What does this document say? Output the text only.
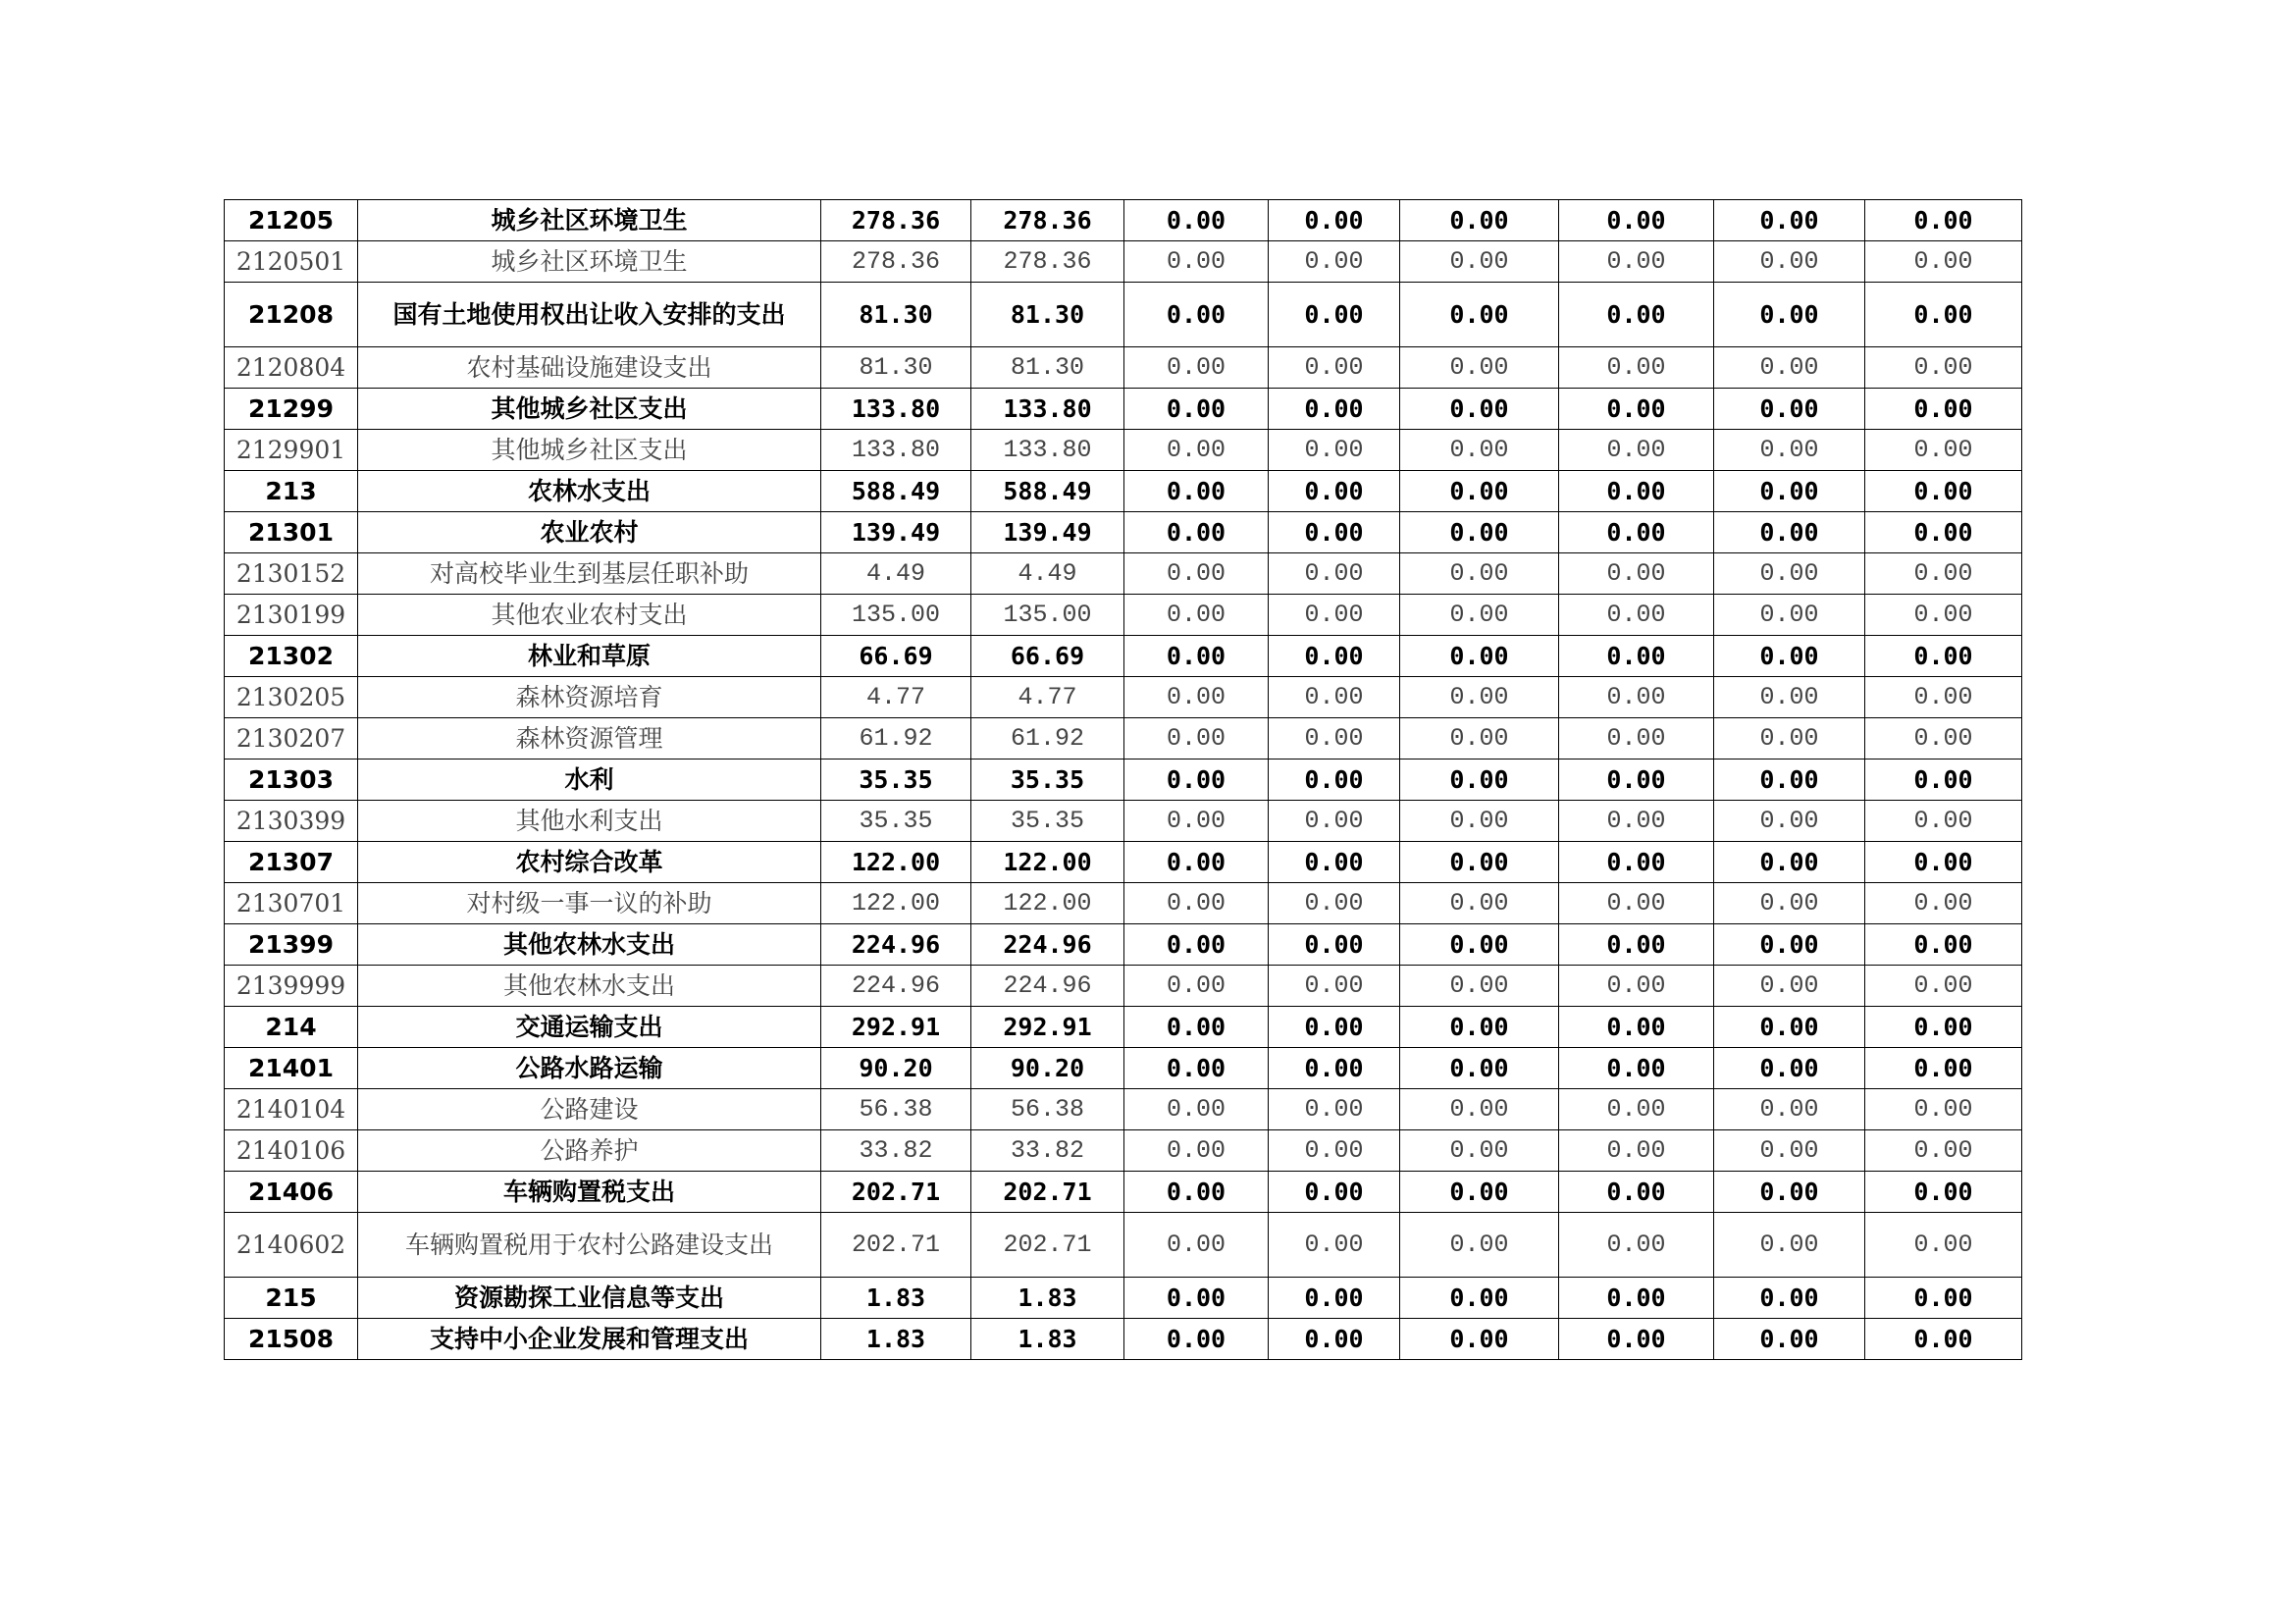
21205	城乡社区环境卫生	278.36	278.36	0.00	0.00	0.00	0.00	0.00	0.00
2120501	城乡社区环境卫生	278.36	278.36	0.00	0.00	0.00	0.00	0.00	0.00
21208	国有土地使用权出让收入安排的支出	81.30	81.30	0.00	0.00	0.00	0.00	0.00	0.00
2120804	农村基础设施建设支出	81.30	81.30	0.00	0.00	0.00	0.00	0.00	0.00
21299	其他城乡社区支出	133.80	133.80	0.00	0.00	0.00	0.00	0.00	0.00
2129901	其他城乡社区支出	133.80	133.80	0.00	0.00	0.00	0.00	0.00	0.00
213	农林水支出	588.49	588.49	0.00	0.00	0.00	0.00	0.00	0.00
21301	农业农村	139.49	139.49	0.00	0.00	0.00	0.00	0.00	0.00
2130152	对高校毕业生到基层任职补助	4.49	4.49	0.00	0.00	0.00	0.00	0.00	0.00
2130199	其他农业农村支出	135.00	135.00	0.00	0.00	0.00	0.00	0.00	0.00
21302	林业和草原	66.69	66.69	0.00	0.00	0.00	0.00	0.00	0.00
2130205	森林资源培育	4.77	4.77	0.00	0.00	0.00	0.00	0.00	0.00
2130207	森林资源管理	61.92	61.92	0.00	0.00	0.00	0.00	0.00	0.00
21303	水利	35.35	35.35	0.00	0.00	0.00	0.00	0.00	0.00
2130399	其他水利支出	35.35	35.35	0.00	0.00	0.00	0.00	0.00	0.00
21307	农村综合改革	122.00	122.00	0.00	0.00	0.00	0.00	0.00	0.00
2130701	对村级一事一议的补助	122.00	122.00	0.00	0.00	0.00	0.00	0.00	0.00
21399	其他农林水支出	224.96	224.96	0.00	0.00	0.00	0.00	0.00	0.00
2139999	其他农林水支出	224.96	224.96	0.00	0.00	0.00	0.00	0.00	0.00
214	交通运输支出	292.91	292.91	0.00	0.00	0.00	0.00	0.00	0.00
21401	公路水路运输	90.20	90.20	0.00	0.00	0.00	0.00	0.00	0.00
2140104	公路建设	56.38	56.38	0.00	0.00	0.00	0.00	0.00	0.00
2140106	公路养护	33.82	33.82	0.00	0.00	0.00	0.00	0.00	0.00
21406	车辆购置税支出	202.71	202.71	0.00	0.00	0.00	0.00	0.00	0.00
2140602	车辆购置税用于农村公路建设支出	202.71	202.71	0.00	0.00	0.00	0.00	0.00	0.00
215	资源勘探工业信息等支出	1.83	1.83	0.00	0.00	0.00	0.00	0.00	0.00
21508	支持中小企业发展和管理支出	1.83	1.83	0.00	0.00	0.00	0.00	0.00	0.00
